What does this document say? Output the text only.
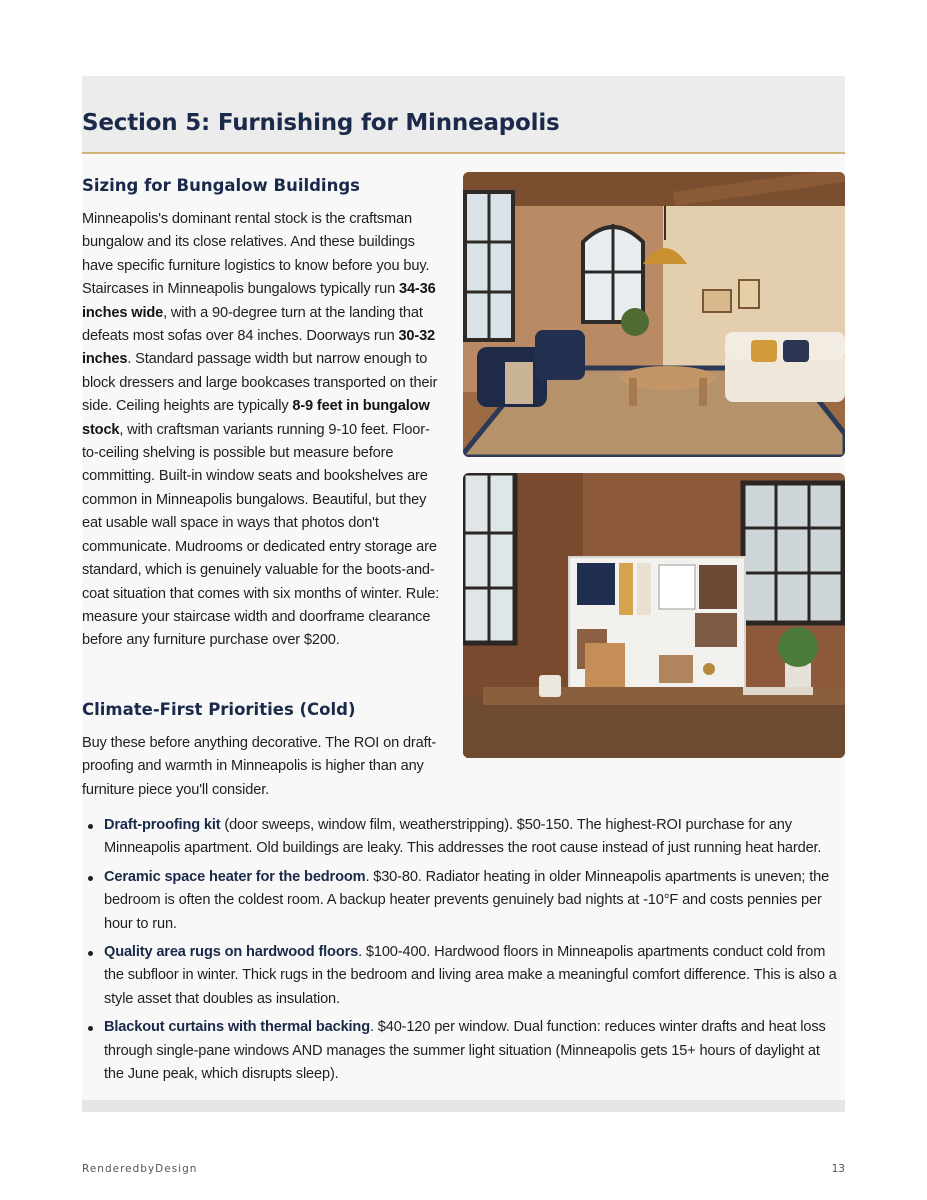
Section 5: Furnishing for Minneapolis
Sizing for Bungalow Buildings

Minneapolis's dominant rental stock is the craftsman bungalow and its close relatives. And these buildings have specific furniture logistics to know before you buy. Staircases in Minneapolis bungalows typically run 34-36 inches wide, with a 90-degree turn at the landing that defeats most sofas over 84 inches. Doorways run 30-32 inches. Standard passage width but narrow enough to block dressers and large bookcases transported on their side. Ceiling heights are typically 8-9 feet in bungalow stock, with craftsman variants running 9-10 feet. Floor-to-ceiling shelving is possible but measure before committing. Built-in window seats and bookshelves are common in Minneapolis bungalows. Beautiful, but they eat usable wall space in ways that photos don't communicate. Mudrooms or dedicated entry storage are standard, which is genuinely valuable for the boots-and-coat situation that comes with six months of winter. Rule: measure your staircase width and doorframe clearance before any furniture purchase over $200.

Climate-First Priorities (Cold)

Buy these before anything decorative. The ROI on draft-proofing and warmth in Minneapolis is higher than any furniture piece you'll consider.

Draft-proofing kit (door sweeps, window film, weatherstripping). $50-150. The highest-ROI purchase for any Minneapolis apartment. Old buildings are leaky. This addresses the root cause instead of just running heat harder.
Ceramic space heater for the bedroom. $30-80. Radiator heating in older Minneapolis apartments is uneven; the bedroom is often the coldest room. A backup heater prevents genuinely bad nights at -10°F and costs pennies per hour to run.
Quality area rugs on hardwood floors. $100-400. Hardwood floors in Minneapolis apartments conduct cold from the subfloor in winter. Thick rugs in the bedroom and living area make a meaningful comfort difference. This is also a style asset that doubles as insulation.
Blackout curtains with thermal backing. $40-120 per window. Dual function: reduces winter drafts and heat loss through single-pane windows AND manages the summer light situation (Minneapolis gets 15+ hours of daylight at the June peak, which disrupts sleep).
RenderedbyDesign	13
